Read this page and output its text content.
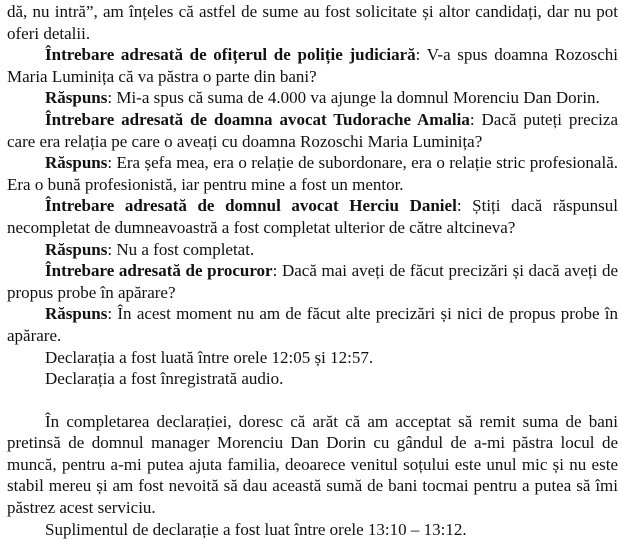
dă, nu intră”, am înțeles că astfel de sume au fost solicitate și altor candidați, dar nu pot oferi detalii.

Întrebare adresată de ofițerul de poliție judiciară: V-a spus doamna Rozoschi Maria Luminița că va păstra o parte din bani?

Răspuns: Mi-a spus că suma de 4.000 va ajunge la domnul Morenciu Dan Dorin.

Întrebare adresată de doamna avocat Tudorache Amalia: Dacă puteți preciza care era relația pe care o aveați cu doamna Rozoschi Maria Luminița?

Răspuns: Era șefa mea, era o relație de subordonare, era o relație stric profesională. Era o bună profesionistă, iar pentru mine a fost un mentor.

Întrebare adresată de domnul avocat Herciu Daniel: Știți dacă răspunsul necompletat de dumneavoastră a fost completat ulterior de către altcineva?

Răspuns: Nu a fost completat.

Întrebare adresată de procuror: Dacă mai aveți de făcut precizări și dacă aveți de propus probe în apărare?

Răspuns: În acest moment nu am de făcut alte precizări și nici de propus probe în apărare.

Declarația a fost luată între orele 12:05 și 12:57.

Declarația a fost înregistrată audio.

În completarea declarației, doresc că arăt că am acceptat să remit suma de bani pretinsă de domnul manager Morenciu Dan Dorin cu gândul de a-mi păstra locul de muncă, pentru a-mi putea ajuta familia, deoarece venitul soțului este unul mic și nu este stabil mereu și am fost nevoită să dau această sumă de bani tocmai pentru a putea să îmi păstrez acest serviciu.

Suplimentul de declarație a fost luat între orele 13:10 – 13:12.
